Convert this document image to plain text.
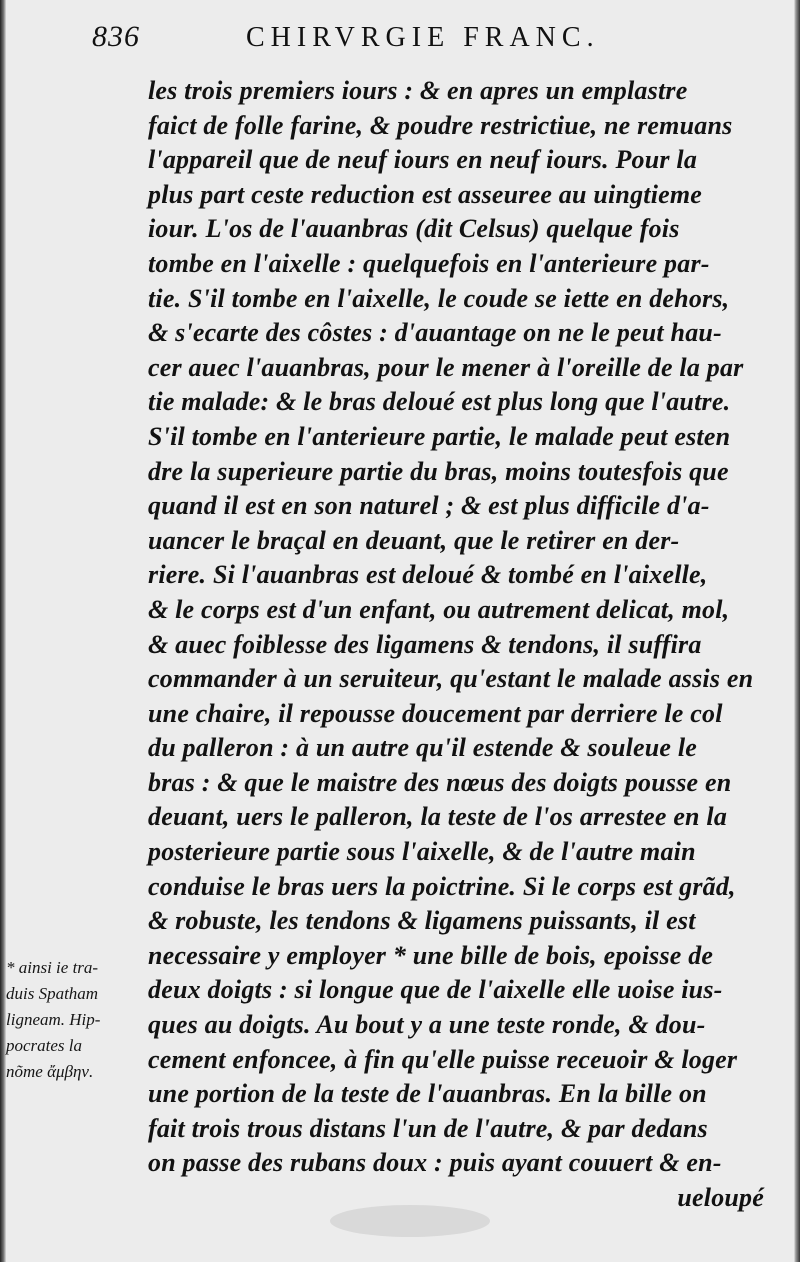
836	CHIRVRGIE FRANC.
les trois premiers iours : & en apres un emplastre
faict de folle farine, & poudre restrictiue, ne remuans
l'appareil que de neuf iours en neuf iours. Pour la
plus part ceste reduction est asseuree au uingtieme
iour. L'os de l'auanbras (dit Celsus) quelque fois
tombe en l'aixelle : quelquefois en l'anterieure par-
tie. S'il tombe en l'aixelle, le coude se iette en dehors,
& s'ecarte des côstes : d'auantage on ne le peut hau-
cer auec l'auanbras, pour le mener à l'oreille de la par
tie malade: & le bras deloué est plus long que l'autre.
S'il tombe en l'anterieure partie, le malade peut esten
dre la superieure partie du bras, moins toutesfois que
quand il est en son naturel ; & est plus difficile d'a-
uancer le braçal en deuant, que le retirer en der-
riere. Si l'auanbras est deloué & tombé en l'aixelle,
& le corps est d'un enfant, ou autrement delicat, mol,
& auec foiblesse des ligamens & tendons, il suffira
commander à un seruiteur, qu'estant le malade assis en
une chaire, il repousse doucement par derriere le col
du palleron : à un autre qu'il estende & souleue le
bras : & que le maistre des nœus des doigts pousse en
deuant, uers le palleron, la teste de l'os arrestee en la
posterieure partie sous l'aixelle, & de l'autre main
conduise le bras uers la poictrine. Si le corps est grãd,
& robuste, les tendons & ligamens puissants, il est
necessaire y employer * une bille de bois, epoisse de
deux doigts : si longue que de l'aixelle elle uoise ius-
ques au doigts. Au bout y a une teste ronde, & dou-
cement enfoncee, à fin qu'elle puisse receuoir & loger
une portion de la teste de l'auanbras. En la bille on
fait trois trous distans l'un de l'autre, & par dedans
on passe des rubans doux : puis ayant couuert & en-
ueloupé
* ainsi ie tra-
duis Spatham
ligneam. Hip-
pocrates la
nõme ἄμβην.
